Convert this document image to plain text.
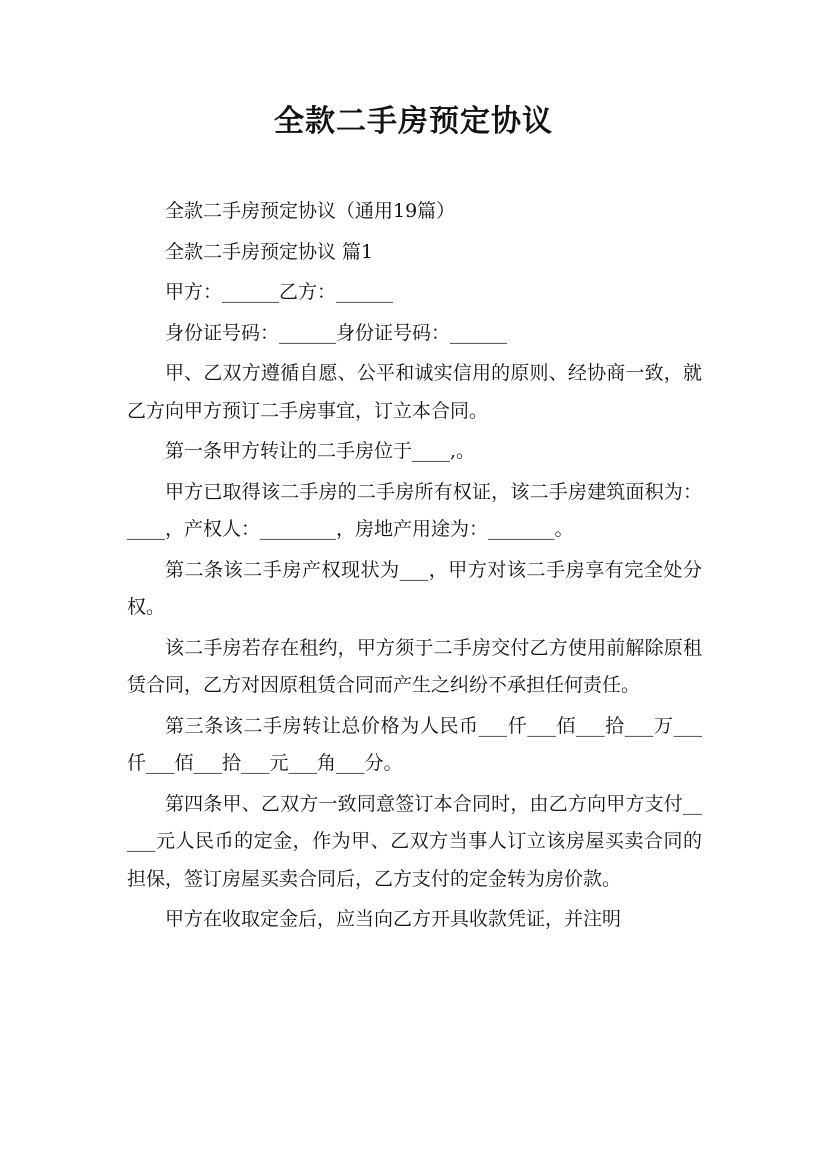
全款二手房预定协议

全款二手房预定协议（通用19篇）

全款二手房预定协议 篇1

甲方：______乙方：______

身份证号码：______身份证号码：______

甲、乙双方遵循自愿、公平和诚实信用的原则、经协商一致，就乙方向甲方预订二手房事宜，订立本合同。

第一条甲方转让的二手房位于____,。

甲方已取得该二手房的二手房所有权证，该二手房建筑面积为：____，产权人：________，房地产用途为：_______。

第二条该二手房产权现状为___，甲方对该二手房享有完全处分权。

该二手房若存在租约，甲方须于二手房交付乙方使用前解除原租赁合同，乙方对因原租赁合同而产生之纠纷不承担任何责任。

第三条该二手房转让总价格为人民币___仟___佰___拾___万___仟___佰___拾___元___角___分。

第四条甲、乙双方一致同意签订本合同时，由乙方向甲方支付_____元人民币的定金，作为甲、乙双方当事人订立该房屋买卖合同的担保，签订房屋买卖合同后，乙方支付的定金转为房价款。

甲方在收取定金后，应当向乙方开具收款凭证，并注明
